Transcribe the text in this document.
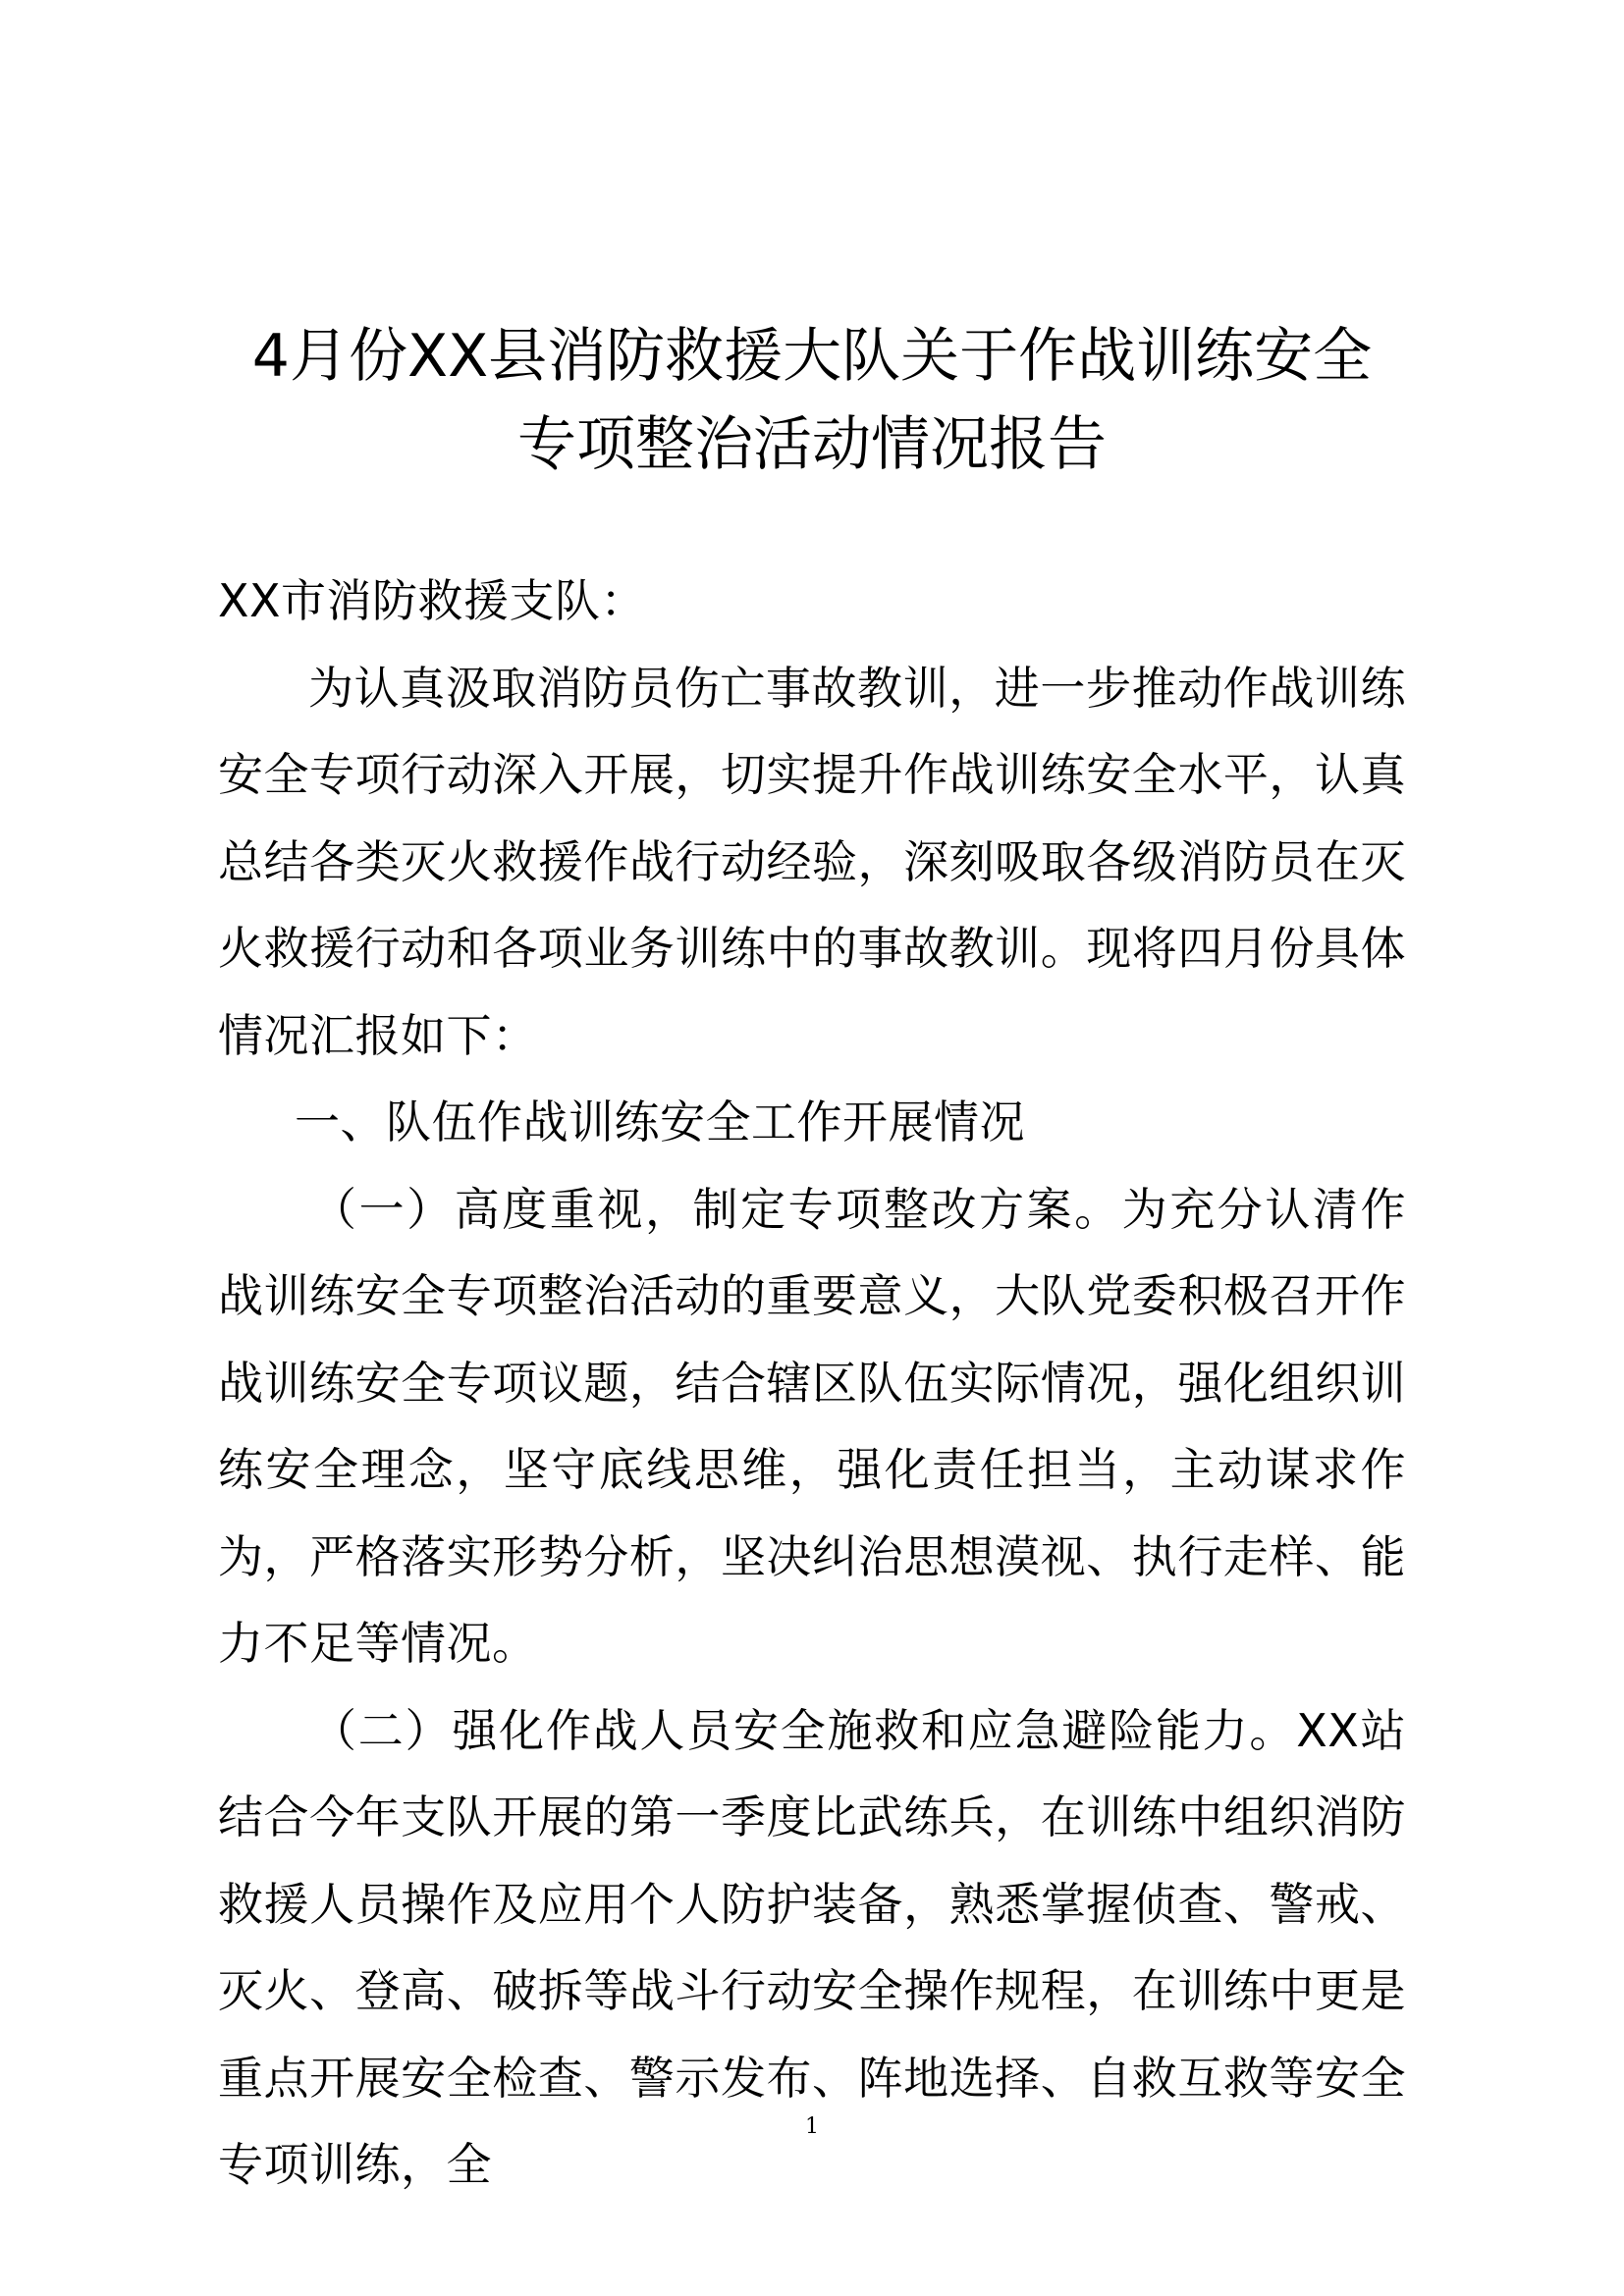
4月份XX县消防救援大队关于作战训练安全
专项整治活动情况报告

XX市消防救援支队：

为认真汲取消防员伤亡事故教训，进一步推动作战训练安全专项行动深入开展，切实提升作战训练安全水平，认真总结各类灭火救援作战行动经验，深刻吸取各级消防员在灭火救援行动和各项业务训练中的事故教训。现将四月份具体情况汇报如下：

一、队伍作战训练安全工作开展情况

（一）高度重视，制定专项整改方案。为充分认清作战训练安全专项整治活动的重要意义，大队党委积极召开作战训练安全专项议题，结合辖区队伍实际情况，强化组织训练安全理念，坚守底线思维，强化责任担当，主动谋求作为，严格落实形势分析，坚决纠治思想漠视、执行走样、能力不足等情况。

（二）强化作战人员安全施救和应急避险能力。XX站结合今年支队开展的第一季度比武练兵，在训练中组织消防救援人员操作及应用个人防护装备，熟悉掌握侦查、警戒、灭火、登高、破拆等战斗行动安全操作规程，在训练中更是重点开展安全检查、警示发布、阵地选择、自救互救等安全专项训练，全

1
